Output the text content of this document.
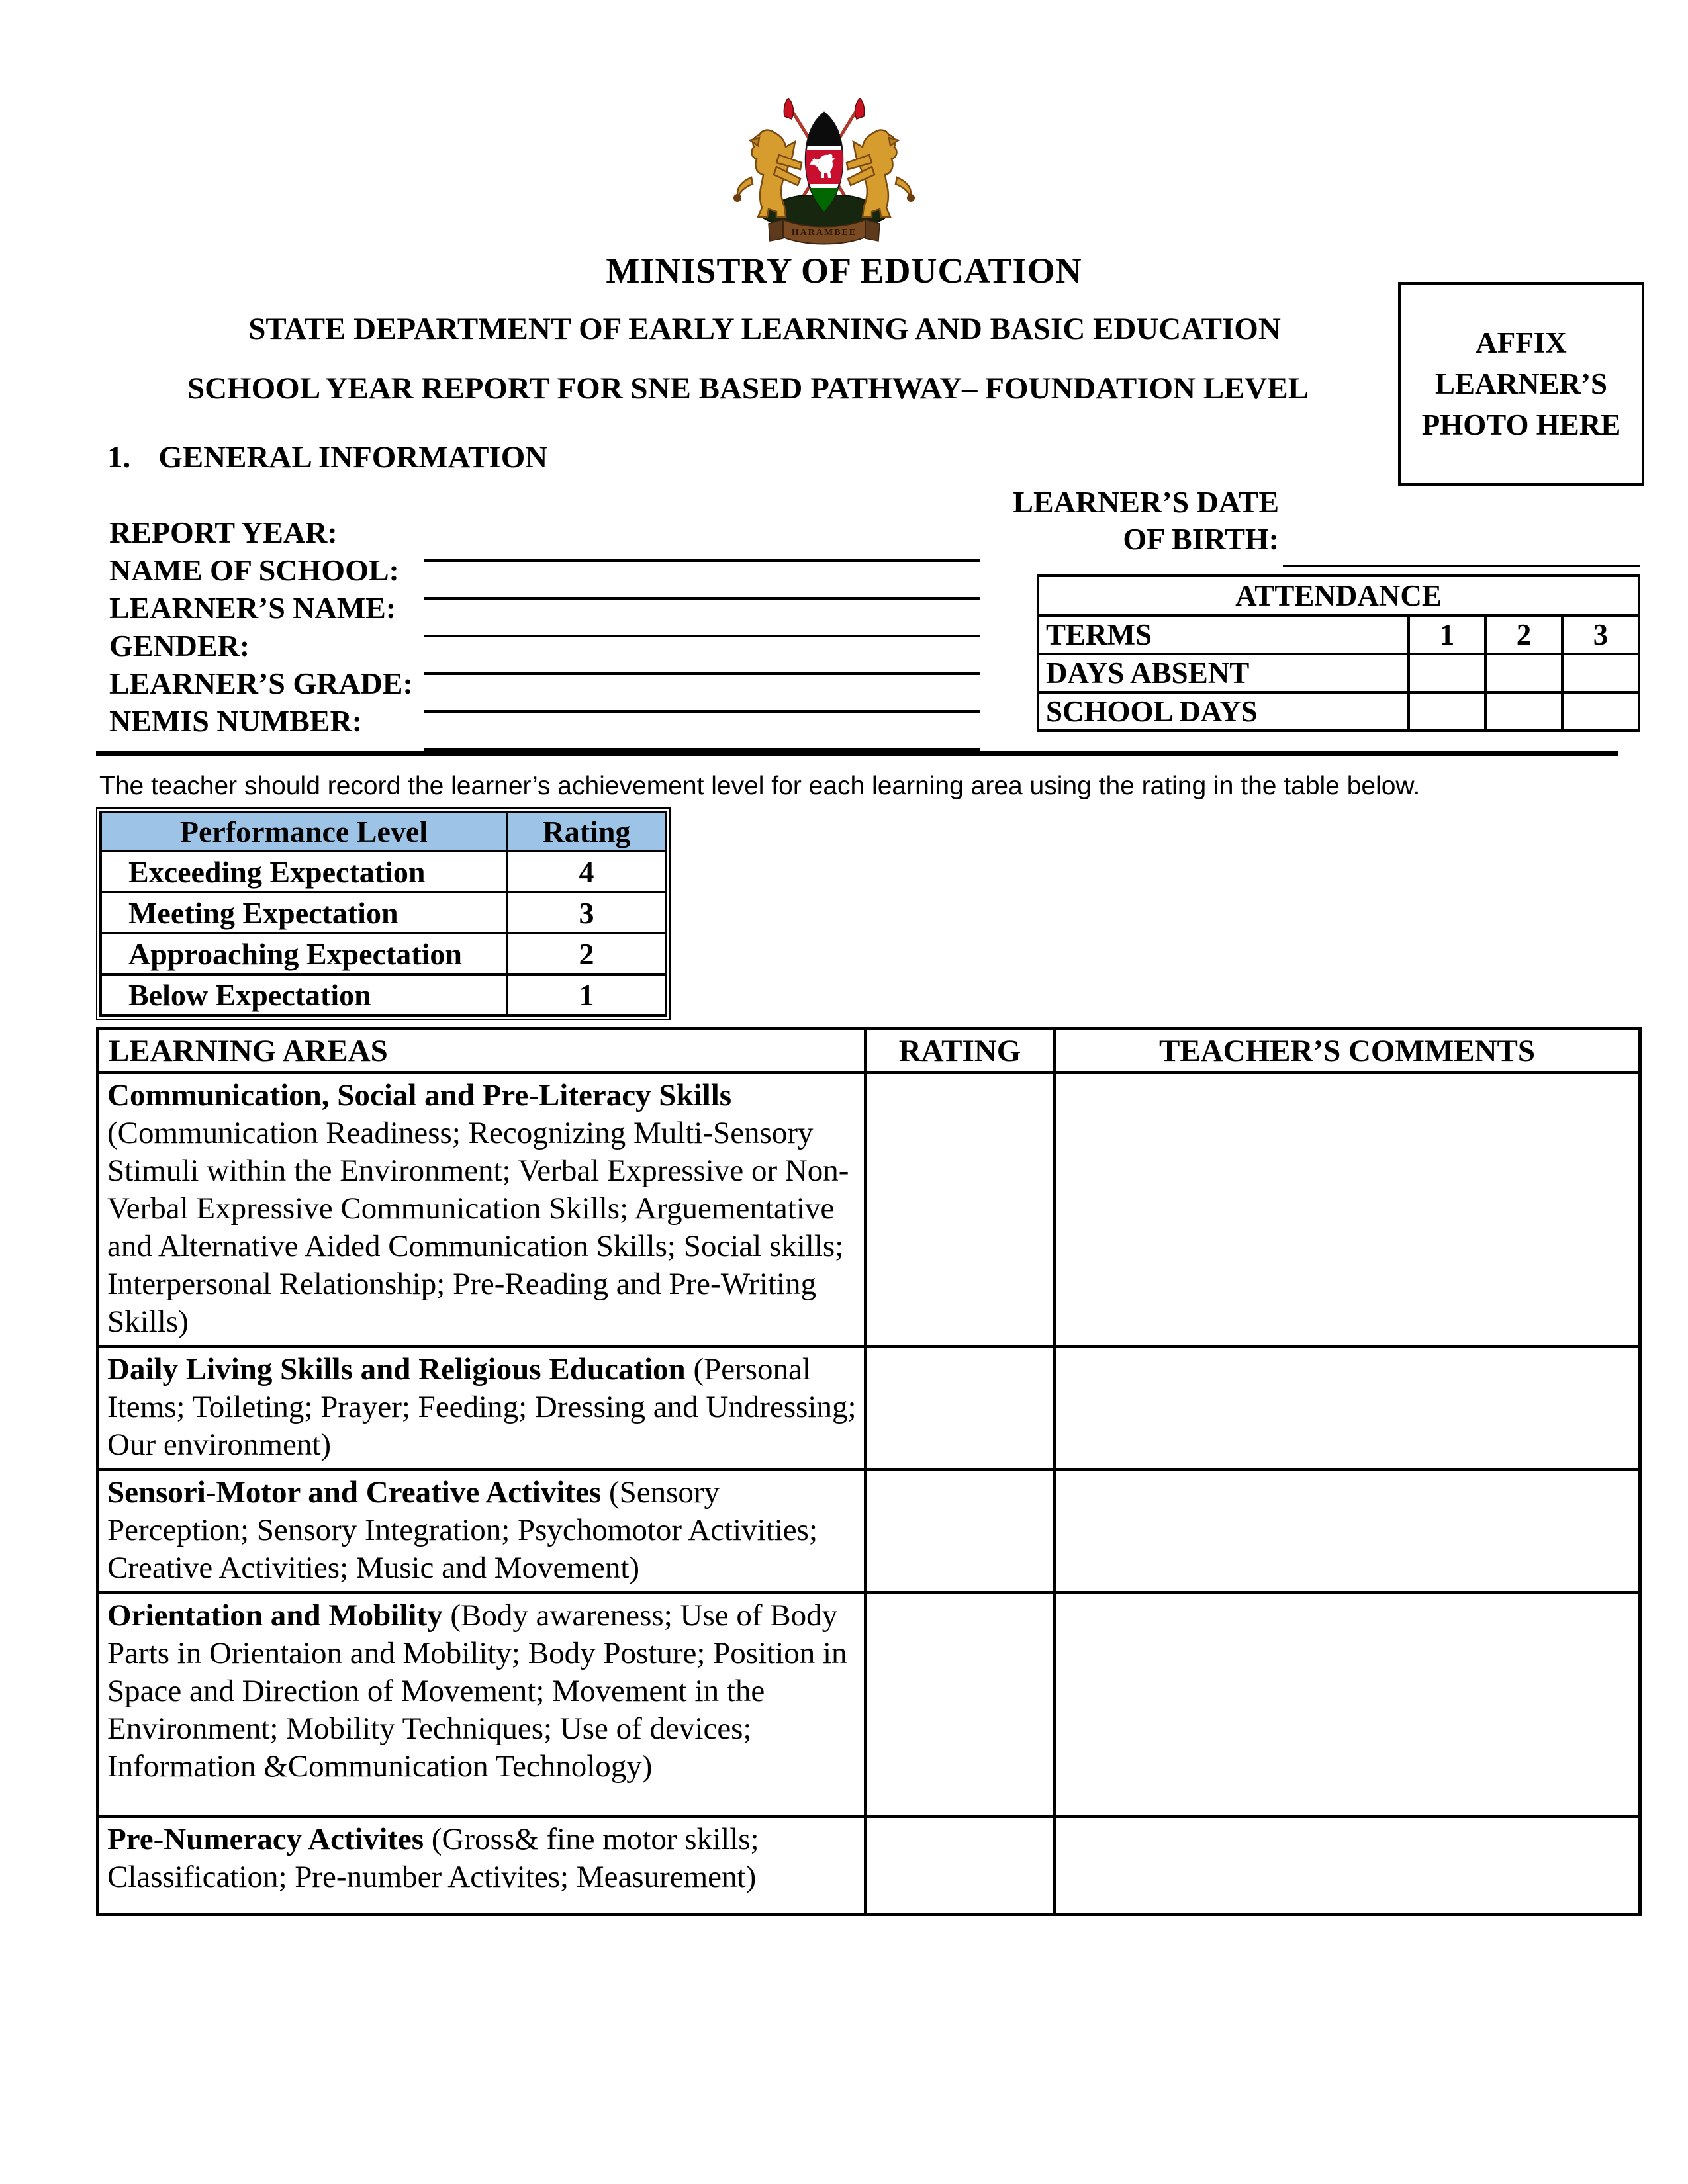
HARAMBEE
MINISTRY OF EDUCATION
STATE DEPARTMENT OF EARLY LEARNING AND BASIC EDUCATION
SCHOOL YEAR REPORT FOR SNE BASED PATHWAY– FOUNDATION LEVEL
AFFIX LEARNER’S PHOTO HERE
1. GENERAL INFORMATION
REPORT YEAR:
NAME OF SCHOOL:
LEARNER’S NAME:
GENDER:
LEARNER’S GRADE:
NEMIS NUMBER:
LEARNER’S DATE
OF BIRTH:
ATTENDANCE			
TERMS	1	2	3
DAYS ABSENT			
SCHOOL DAYS			
The teacher should record the learner’s achievement level for each learning area using the rating in the table below.
Performance Level	Rating
Exceeding Expectation	4
Meeting Expectation	3
Approaching Expectation	2
Below Expectation	1
LEARNING AREAS	RATING	TEACHER’S COMMENTS
Communication, Social and Pre-Literacy Skills (Communication Readiness; Recognizing Multi-Sensory Stimuli within the Environment; Verbal Expressive or Non-Verbal Expressive Communication Skills; Arguementative and Alternative Aided Communication Skills; Social skills; Interpersonal Relationship; Pre-Reading and Pre-Writing Skills)		
Daily Living Skills and Religious Education (Personal Items; Toileting; Prayer; Feeding; Dressing and Undressing; Our environment)		
Sensori-Motor and Creative Activites (Sensory Perception; Sensory Integration; Psychomotor Activities; Creative Activities; Music and Movement)		
Orientation and Mobility (Body awareness; Use of Body Parts in Orientaion and Mobility; Body Posture; Position in Space and Direction of Movement; Movement in the Environment; Mobility Techniques; Use of devices; Information &Communication Technology)		
Pre-Numeracy Activites (Gross& fine motor skills; Classification; Pre-number Activites; Measurement)		
